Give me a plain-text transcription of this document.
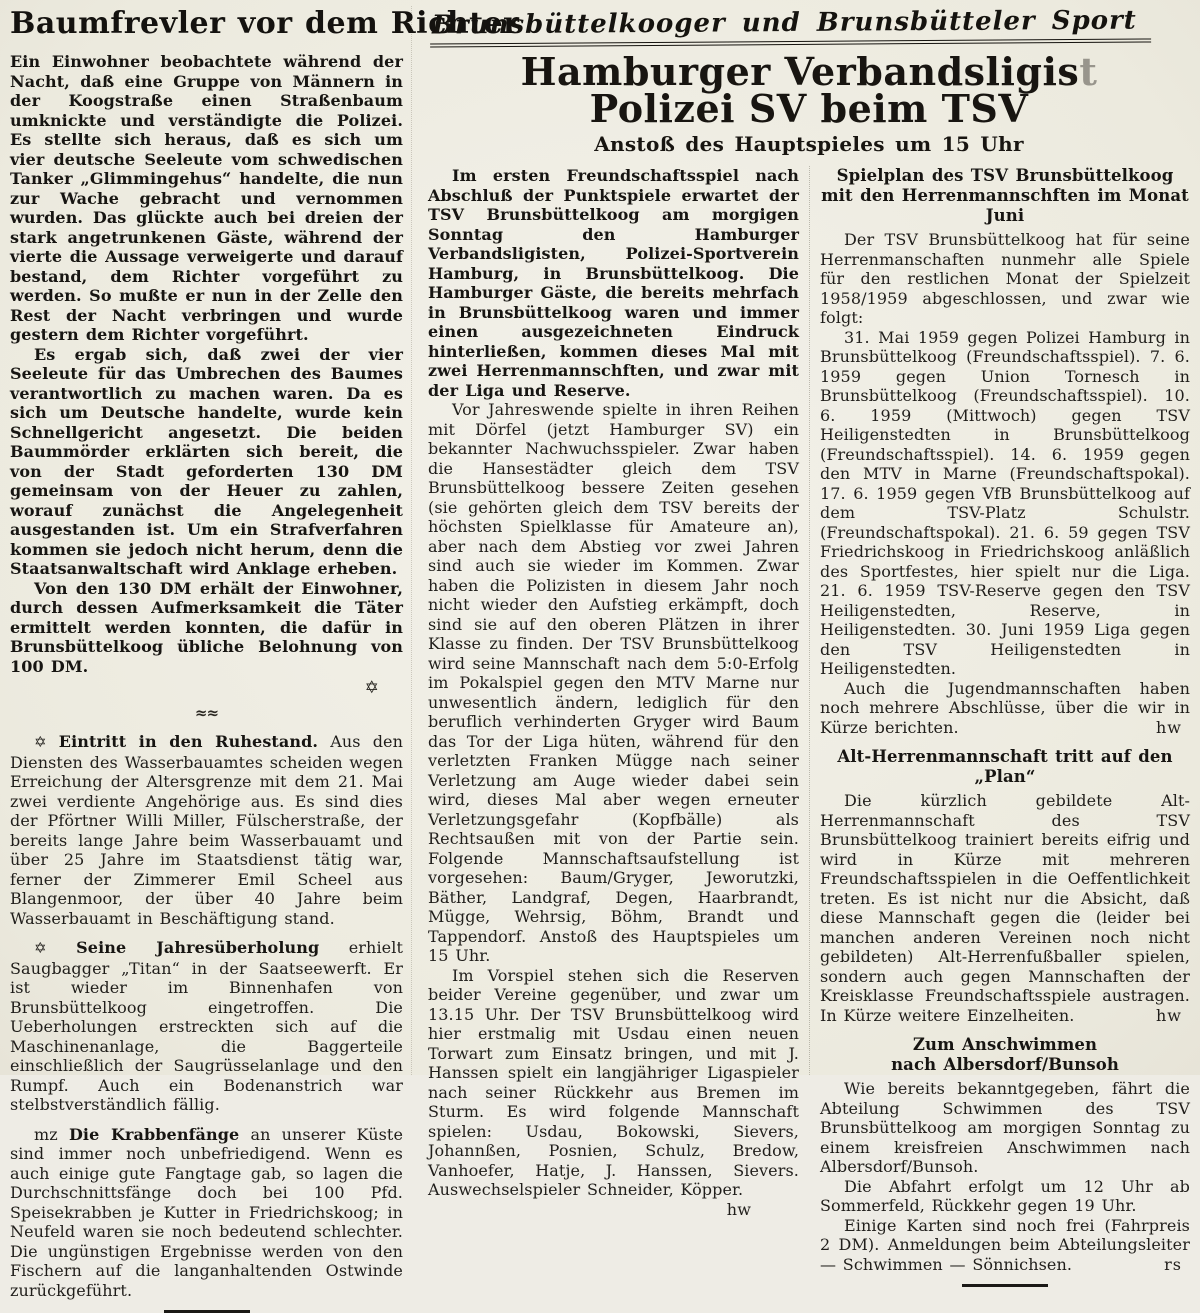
Baumfrevler vor dem Richter

Ein Einwohner beobachtete während der Nacht, daß eine Gruppe von Männern in der Koogstraße einen Straßenbaum umknickte und verständigte die Polizei. Es stellte sich heraus, daß es sich um vier deutsche Seeleute vom schwedischen Tanker „Glimmingehus“ handelte, die nun zur Wache gebracht und vernommen wurden. Das glückte auch bei dreien der stark angetrunkenen Gäste, während der vierte die Aussage verweigerte und darauf bestand, dem Richter vorgeführt zu werden. So mußte er nun in der Zelle den Rest der Nacht verbringen und wurde gestern dem Richter vorgeführt.

Es ergab sich, daß zwei der vier Seeleute für das Umbrechen des Baumes verantwortlich zu machen waren. Da es sich um Deutsche handelte, wurde kein Schnellgericht angesetzt. Die beiden Baummörder erklärten sich bereit, die von der Stadt geforderten 130 DM gemeinsam von der Heuer zu zahlen, worauf zunächst die Angelegenheit ausgestanden ist. Um ein Strafverfahren kommen sie jedoch nicht herum, denn die Staatsanwaltschaft wird Anklage erheben.

Von den 130 DM erhält der Einwohner, durch dessen Aufmerksamkeit die Täter ermittelt werden konnten, die dafür in Brunsbüttelkoog übliche Belohnung von 100 DM.

✡
≈≈

✡ Eintritt in den Ruhestand. Aus den Diensten des Wasserbauamtes scheiden wegen Erreichung der Altersgrenze mit dem 21. Mai zwei verdiente Angehörige aus. Es sind dies der Pförtner Willi Miller, Fülscherstraße, der bereits lange Jahre beim Wasserbauamt und über 25 Jahre im Staatsdienst tätig war, ferner der Zimmerer Emil Scheel aus Blangenmoor, der über 40 Jahre beim Wasserbauamt in Beschäftigung stand.

✡ Seine Jahresüberholung erhielt Saugbagger „Titan“ in der Saatseewerft. Er ist wieder im Binnenhafen von Brunsbüttelkoog eingetroffen. Die Ueberholungen erstreckten sich auf die Maschinenanlage, die Baggerteile einschließlich der Saugrüsselanlage und den Rumpf. Auch ein Bodenanstrich war stelbstverständlich fällig.

mz Die Krabbenfänge an unserer Küste sind immer noch unbefriedigend. Wenn es auch einige gute Fangtage gab, so lagen die Durchschnittsfänge doch bei 100 Pfd. Speisekrabben je Kutter in Friedrichskoog; in Neufeld waren sie noch bedeutend schlechter. Die ungünstigen Ergebnisse werden von den Fischern auf die langanhaltenden Ostwinde zurückgeführt.

Brunsbüttelkooger und Brunsbütteler Sport
Hamburger Verbandsligist
Polizei SV beim TSV
Anstoß des Hauptspieles um 15 Uhr

Im ersten Freundschaftsspiel nach Abschluß der Punktspiele erwartet der TSV Brunsbüttelkoog am morgigen Sonntag den Hamburger Verbandsligisten, Polizei-Sportverein Hamburg, in Brunsbüttelkoog. Die Hamburger Gäste, die bereits mehrfach in Brunsbüttelkoog waren und immer einen ausgezeichneten Eindruck hinterließen, kommen dieses Mal mit zwei Herrenmannschften, und zwar mit der Liga und Reserve.

Vor Jahreswende spielte in ihren Reihen mit Dörfel (jetzt Hamburger SV) ein bekannter Nachwuchsspieler. Zwar haben die Hansestädter gleich dem TSV Brunsbüttelkoog bessere Zeiten gesehen (sie gehörten gleich dem TSV bereits der höchsten Spielklasse für Amateure an), aber nach dem Abstieg vor zwei Jahren sind auch sie wieder im Kommen. Zwar haben die Polizisten in diesem Jahr noch nicht wieder den Aufstieg erkämpft, doch sind sie auf den oberen Plätzen in ihrer Klasse zu finden. Der TSV Brunsbüttelkoog wird seine Mannschaft nach dem 5:0-Erfolg im Pokalspiel gegen den MTV Marne nur unwesentlich ändern, lediglich für den beruflich verhinderten Gryger wird Baum das Tor der Liga hüten, während für den verletzten Franken Mügge nach seiner Verletzung am Auge wieder dabei sein wird, dieses Mal aber wegen erneuter Verletzungsgefahr (Kopfbälle) als Rechtsaußen mit von der Partie sein. Folgende Mannschaftsaufstellung ist vorgesehen: Baum/Gryger, Jeworutzki, Bäther, Landgraf, Degen, Haarbrandt, Mügge, Wehrsig, Böhm, Brandt und Tappendorf. Anstoß des Hauptspieles um 15 Uhr.

Im Vorspiel stehen sich die Reserven beider Vereine gegenüber, und zwar um 13.15 Uhr. Der TSV Brunsbüttelkoog wird hier erstmalig mit Usdau einen neuen Torwart zum Einsatz bringen, und mit J. Hanssen spielt ein langjähriger Ligaspieler nach seiner Rückkehr aus Bremen im Sturm. Es wird folgende Mannschaft spielen: Usdau, Bokowski, Sievers, Johannßen, Posnien, Schulz, Bredow, Vanhoefer, Hatje, J. Hanssen, Sievers. Auswechselspieler Schneider, Köpper.

hw

Spielplan des TSV Brunsbüttelkoog
mit den Herrenmannschften im Monat Juni

Der TSV Brunsbüttelkoog hat für seine Herrenmanschaften nunmehr alle Spiele für den restlichen Monat der Spielzeit 1958/1959 abgeschlossen, und zwar wie folgt:

31. Mai 1959 gegen Polizei Hamburg in Brunsbüttelkoog (Freundschaftsspiel). 7. 6. 1959 gegen Union Tornesch in Brunsbüttelkoog (Freundschaftsspiel). 10. 6. 1959 (Mittwoch) gegen TSV Heiligenstedten in Brunsbüttelkoog (Freundschaftsspiel). 14. 6. 1959 gegen den MTV in Marne (Freundschaftspokal). 17. 6. 1959 gegen VfB Brunsbüttelkoog auf dem TSV-Platz Schulstr. (Freundschaftspokal). 21. 6. 59 gegen TSV Friedrichskoog in Friedrichskoog anläßlich des Sportfestes, hier spielt nur die Liga. 21. 6. 1959 TSV-Reserve gegen den TSV Heiligenstedten, Reserve, in Heiligenstedten. 30. Juni 1959 Liga gegen den TSV Heiligenstedten in Heiligenstedten.

Auch die Jugendmannschaften haben noch mehrere Abschlüsse, über die wir in Kürze berichten.	hw

Alt-Herrenmannschaft tritt auf den „Plan“

Die kürzlich gebildete Alt-Herrenmannschaft des TSV Brunsbüttelkoog trainiert bereits eifrig und wird in Kürze mit mehreren Freundschaftsspielen in die Oeffentlichkeit treten. Es ist nicht nur die Absicht, daß diese Mannschaft gegen die (leider bei manchen anderen Vereinen noch nicht gebildeten) Alt-Herrenfußballer spielen, sondern auch gegen Mannschaften der Kreisklasse Freundschaftsspiele austragen. In Kürze weitere Einzelheiten.	hw

Zum Anschwimmen
nach Albersdorf/Bunsoh

Wie bereits bekanntgegeben, fährt die Abteilung Schwimmen des TSV Brunsbüttelkoog am morgigen Sonntag zu einem kreisfreien Anschwimmen nach Albersdorf/Bunsoh.

Die Abfahrt erfolgt um 12 Uhr ab Sommerfeld, Rückkehr gegen 19 Uhr.

Einige Karten sind noch frei (Fahrpreis 2 DM). Anmeldungen beim Abteilungsleiter — Schwimmen — Sönnichsen.	rs
